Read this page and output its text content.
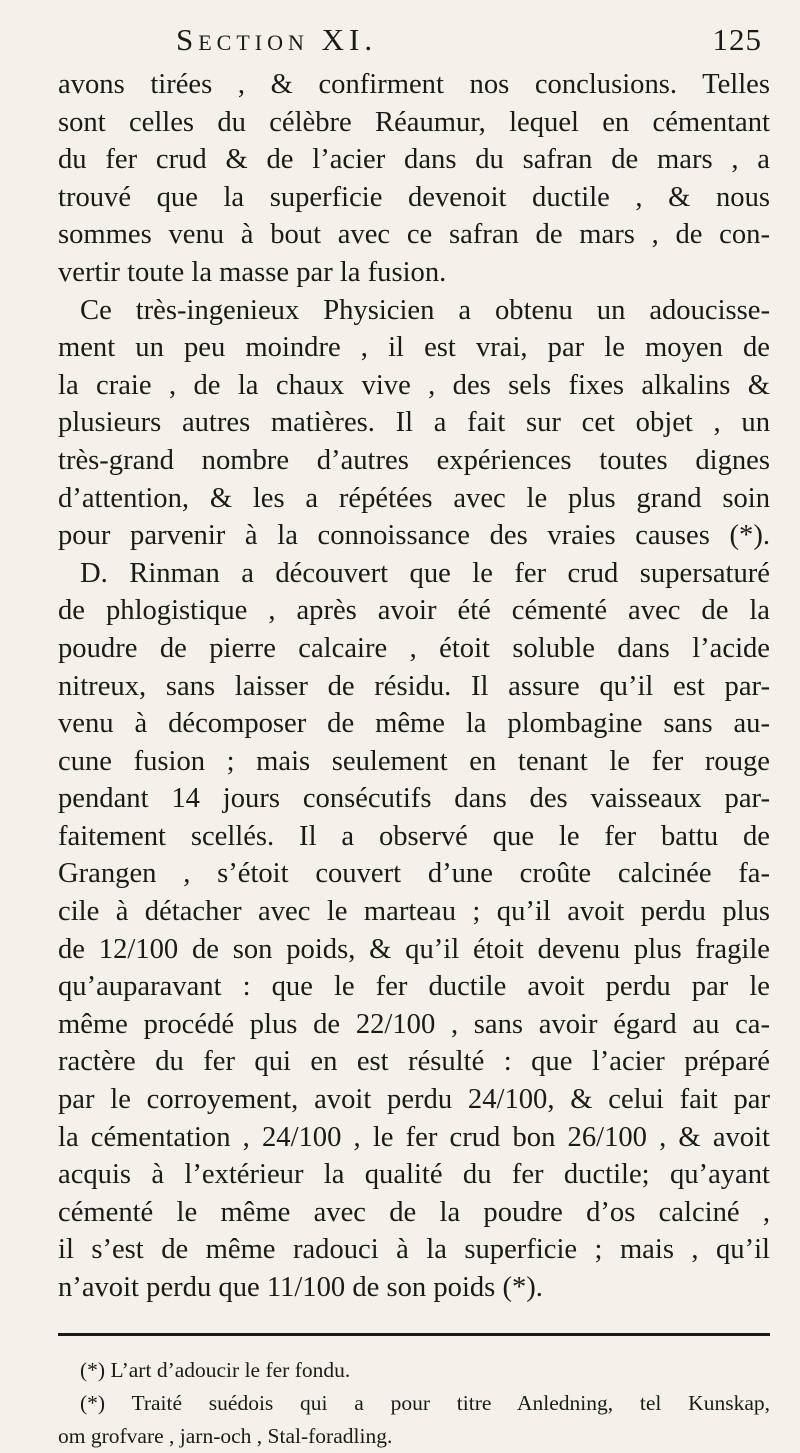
Section XI.	125
avons tirées , & confirment nos conclusions. Telles
sont celles du célèbre Réaumur, lequel en cémentant
du fer crud & de l’acier dans du safran de mars , a
trouvé que la superficie devenoit ductile , & nous
sommes venu à bout avec ce safran de mars , de con-
vertir toute la masse par la fusion.
Ce très-ingenieux Physicien a obtenu un adoucisse-
ment un peu moindre , il est vrai, par le moyen de
la craie , de la chaux vive , des sels fixes alkalins &
plusieurs autres matières. Il a fait sur cet objet , un
très-grand nombre d’autres expériences toutes dignes
d’attention, & les a répétées avec le plus grand soin
pour parvenir à la connoissance des vraies causes (*).
D. Rinman a découvert que le fer crud supersaturé
de phlogistique , après avoir été cémenté avec de la
poudre de pierre calcaire , étoit soluble dans l’acide
nitreux, sans laisser de résidu. Il assure qu’il est par-
venu à décomposer de même la plombagine sans au-
cune fusion ; mais seulement en tenant le fer rouge
pendant 14 jours consécutifs dans des vaisseaux par-
faitement scellés. Il a observé que le fer battu de
Grangen , s’étoit couvert d’une croûte calcinée fa-
cile à détacher avec le marteau ; qu’il avoit perdu plus
de 12/100 de son poids, & qu’il étoit devenu plus fragile
qu’auparavant : que le fer ductile avoit perdu par le
même procédé plus de 22/100 , sans avoir égard au ca-
ractère du fer qui en est résulté : que l’acier préparé
par le corroyement, avoit perdu 24/100, & celui fait par
la cémentation , 24/100 , le fer crud bon 26/100 , & avoit
acquis à l’extérieur la qualité du fer ductile; qu’ayant
cémenté le même avec de la poudre d’os calciné ,
il s’est de même radouci à la superficie ; mais , qu’il
n’avoit perdu que 11/100 de son poids (*).
(*) L’art d’adoucir le fer fondu.
(*) Traité suédois qui a pour titre Anledning, tel Kunskap,
om grofvare , jarn-och , Stal-foradling.
